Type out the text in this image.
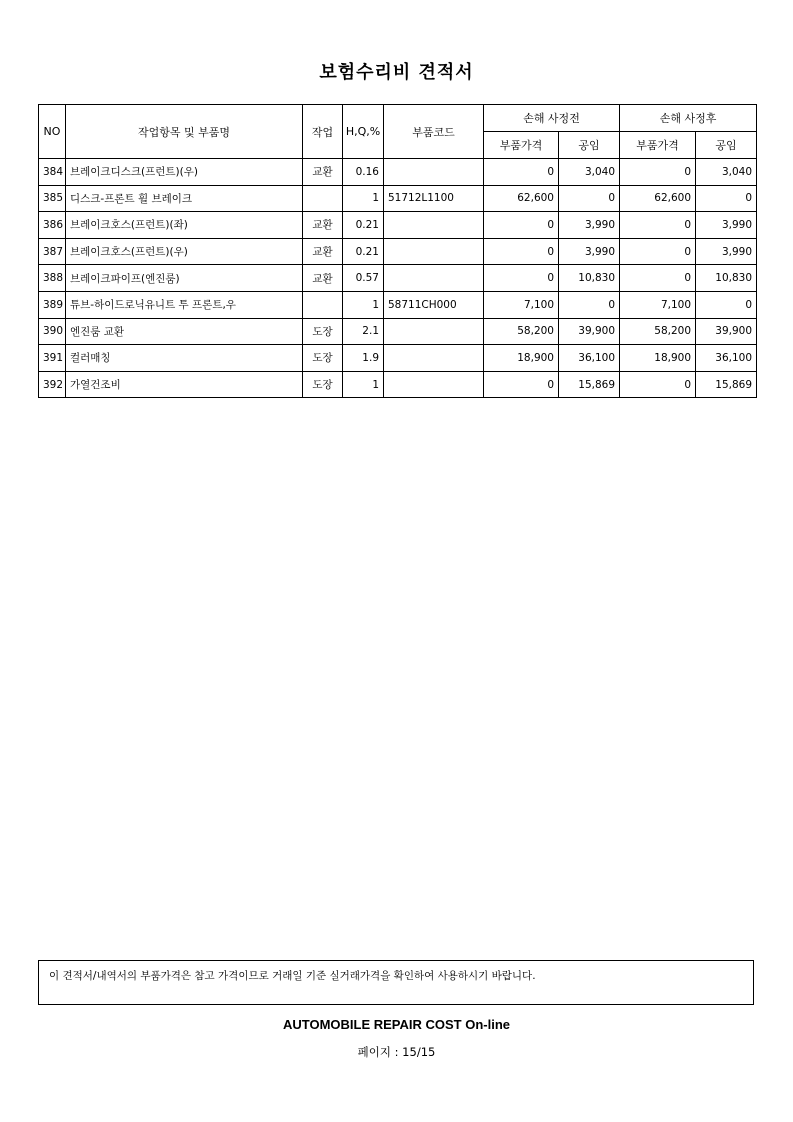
보험수리비 견적서
NO	작업항목 및 부품명	작업	H,Q,%	부품코드	손해 사정전		손해 사정후	
					부품가격	공임	부품가격	공임
384	브레이크디스크(프런트)(우)	교환	0.16		0	3,040	0	3,040
385	디스크-프론트 휠 브레이크		1	51712L1100	62,600	0	62,600	0
386	브레이크호스(프런트)(좌)	교환	0.21		0	3,990	0	3,990
387	브레이크호스(프런트)(우)	교환	0.21		0	3,990	0	3,990
388	브레이크파이프(엔진룸)	교환	0.57		0	10,830	0	10,830
389	튜브-하이드로닉유니트 투 프론트,우		1	58711CH000	7,100	0	7,100	0
390	엔진룸 교환	도장	2.1		58,200	39,900	58,200	39,900
391	컬러매칭	도장	1.9		18,900	36,100	18,900	36,100
392	가열건조비	도장	1		0	15,869	0	15,869
이 견적서/내역서의 부품가격은 참고 가격이므로 거래일 기준 실거래가격을 확인하여 사용하시기 바랍니다.
AUTOMOBILE REPAIR COST On-line
페이지 : 15/15
